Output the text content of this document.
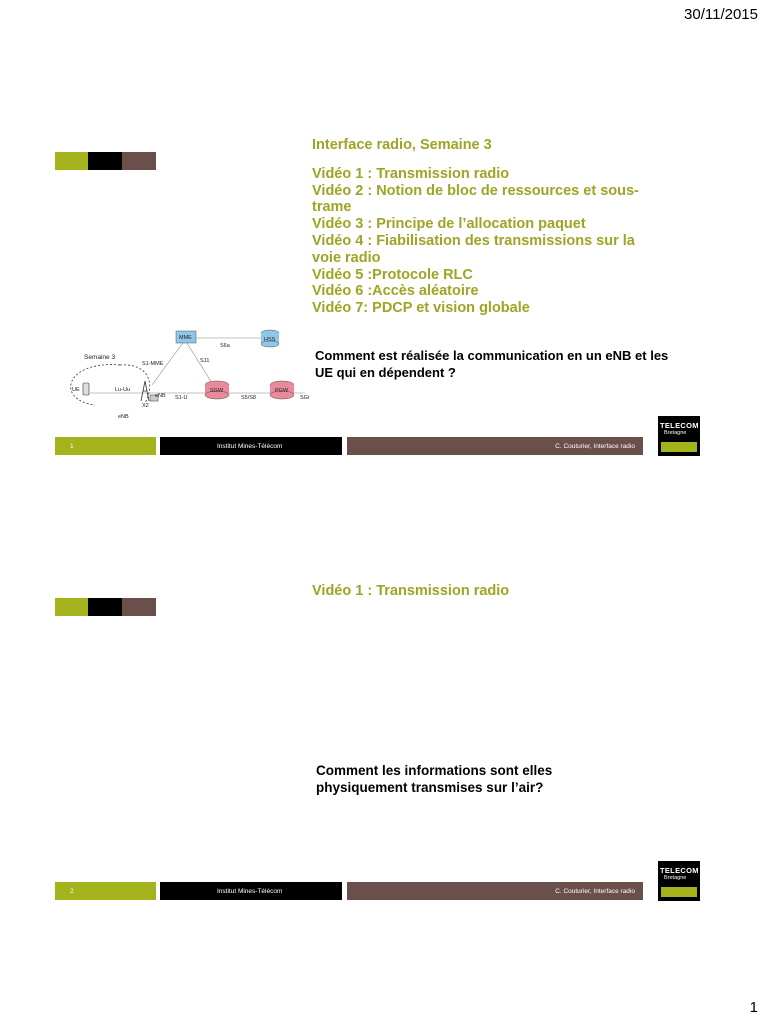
30/11/2015
Interface radio, Semaine 3
Vidéo 1 : Transmission radio
Vidéo 2 : Notion de bloc de ressources et sous-trame
Vidéo 3 : Principe de l’allocation paquet
Vidéo 4 : Fiabilisation des transmissions sur la voie radio
Vidéo 5 :Protocole RLC
Vidéo 6 :Accès aléatoire
Vidéo 7: PDCP et vision globale
Comment est réalisée la communication en un eNB et les UE qui en dépendent ?
MME	HSS
S6a
S1-MME	S11
Semaine 3
UE	Lu-Uu
eNB
eNB
X2
S1-U
SGW
S5/S8
PGW
SGi
1	Institut Mines-Télécom	C. Couturier, Interface radio
TELECOM
Bretagne
Vidéo 1 : Transmission radio
Comment les informations sont elles physiquement transmises sur l’air?
2	Institut Mines-Télécom	C. Couturier, Interface radio
TELECOM
Bretagne
1
